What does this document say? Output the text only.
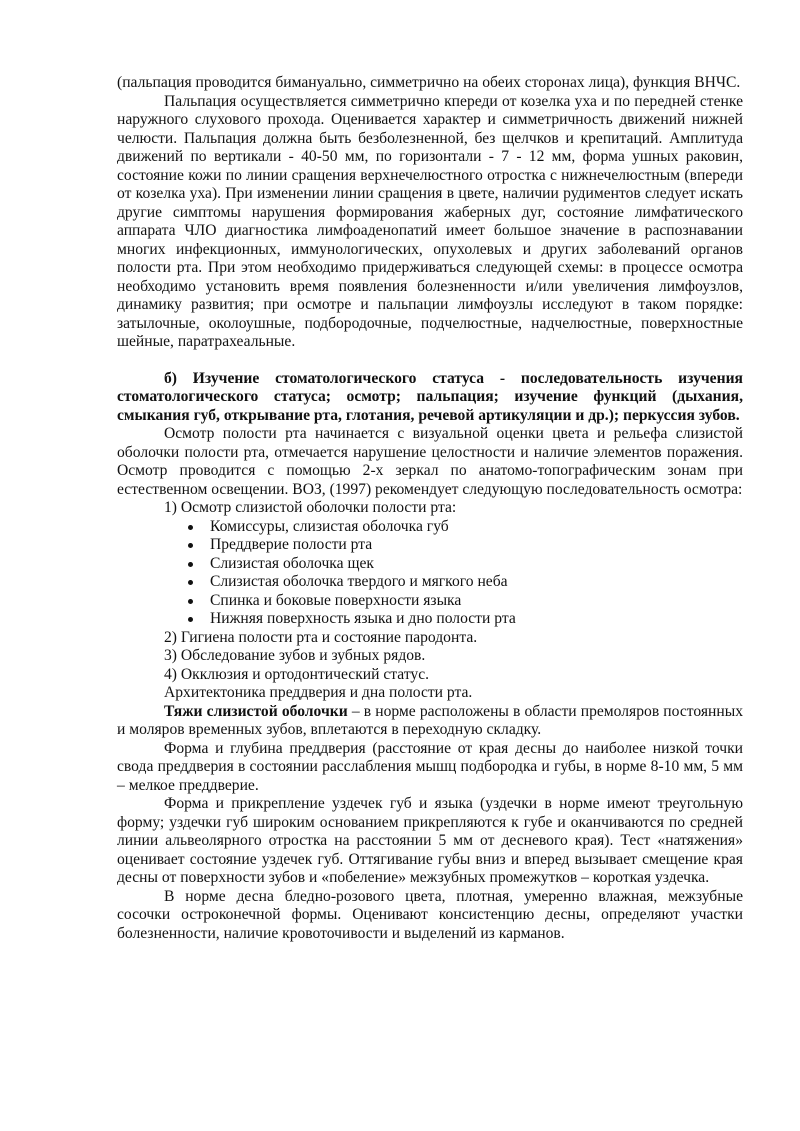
(пальпация проводится бимануально, симметрично на обеих сторонах лица), функция ВНЧС.

Пальпация осуществляется симметрично кпереди от козелка уха и по передней стенке наружного слухового прохода. Оценивается характер и симметричность движений нижней челюсти. Пальпация должна быть безболезненной, без щелчков и крепитаций. Амплитуда движений по вертикали - 40-50 мм, по горизонтали - 7 - 12 мм, форма ушных раковин, состояние кожи по линии сращения верхнечелюстного отростка с нижнечелюстным (впереди от козелка уха). При изменении линии сращения в цвете, наличии рудиментов следует искать другие симптомы нарушения формирования жаберных дуг, состояние лимфатического аппарата ЧЛО диагностика лимфоаденопатий имеет большое значение в распознавании многих инфекционных, иммунологических, опухолевых и других заболеваний органов полости рта. При этом необходимо придерживаться следующей схемы: в процессе осмотра необходимо установить время появления болезненности и/или увеличения лимфоузлов, динамику развития; при осмотре и пальпации лимфоузлы исследуют в таком порядке: затылочные, околоушные, подбородочные, подчелюстные, надчелюстные, поверхностные шейные, паратрахеальные.

б) Изучение стоматологического статуса - последовательность изучения стоматологического статуса; осмотр; пальпация; изучение функций (дыхания, смыкания губ, открывание рта, глотания, речевой артикуляции и др.); перкуссия зубов.

Осмотр полости рта начинается с визуальной оценки цвета и рельефа слизистой оболочки полости рта, отмечается нарушение целостности и наличие элементов поражения. Осмотр проводится с помощью 2-х зеркал по анатомо-топографическим зонам при естественном освещении. ВОЗ, (1997) рекомендует следующую последовательность осмотра:

1) Осмотр слизистой оболочки полости рта:

Комиссуры, слизистая оболочка губ
Преддверие полости рта
Слизистая оболочка щек
Слизистая оболочка твердого и мягкого неба
Спинка и боковые поверхности языка
Нижняя поверхность языка и дно полости рта

2) Гигиена полости рта и состояние пародонта.

3) Обследование зубов и зубных рядов.

4) Окклюзия и ортодонтический статус.

Архитектоника преддверия и дна полости рта.

Тяжи слизистой оболочки – в норме расположены в области премоляров постоянных и моляров временных зубов, вплетаются в переходную складку.

Форма и глубина преддверия (расстояние от края десны до наиболее низкой точки свода преддверия в состоянии расслабления мышц подбородка и губы, в норме 8-10 мм, 5 мм – мелкое преддверие.

Форма и прикрепление уздечек губ и языка (уздечки в норме имеют треугольную форму; уздечки губ широким основанием прикрепляются к губе и оканчиваются по средней линии альвеолярного отростка на расстоянии 5 мм от десневого края). Тест «натяжения» оценивает состояние уздечек губ. Оттягивание губы вниз и вперед вызывает смещение края десны от поверхности зубов и «побеление» межзубных промежутков – короткая уздечка.

В норме десна бледно-розового цвета, плотная, умеренно влажная, межзубные сосочки остроконечной формы. Оценивают консистенцию десны, определяют участки болезненности, наличие кровоточивости и выделений из карманов.
